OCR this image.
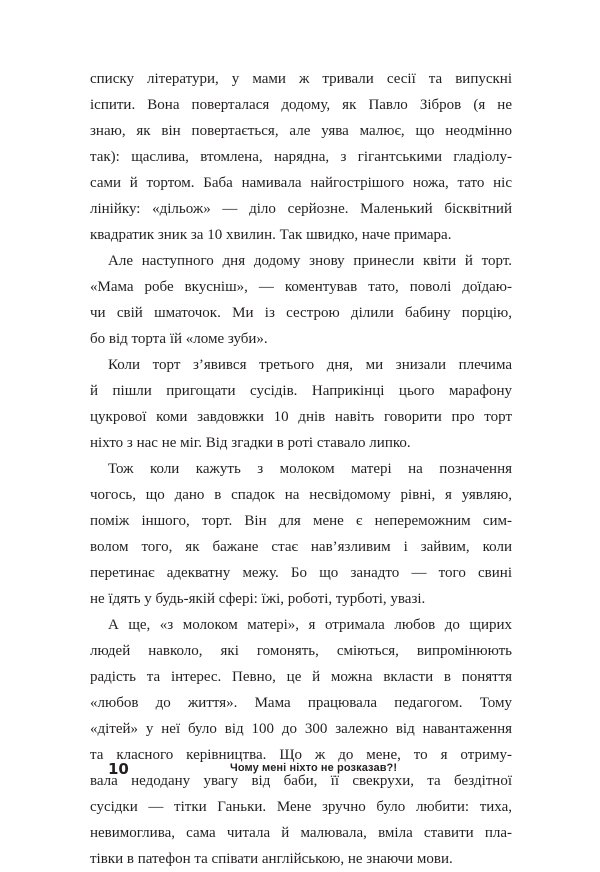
списку літератури, у мами ж тривали сесії та випускні
іспити. Вона поверталася додому, як Павло Зібров (я не
знаю, як він повертається, але уява малює, що неодмінно
так): щаслива, втомлена, нарядна, з гігантськими гладіолу-
сами й тортом. Баба намивала найгострішого ножа, тато ніс
лінійку: «дільож» — діло серйозне. Маленький бісквітний
квадратик зник за 10 хвилин. Так швидко, наче примара.
Але наступного дня додому знову принесли квіти й торт.
«Мама робе вкусніш», — коментував тато, поволі доїдаю-
чи свій шматочок. Ми із сестрою ділили бабину порцію,
бо від торта їй «ломе зуби».
Коли торт з’явився третього дня, ми знизали плечима
й пішли пригощати сусідів. Наприкінці цього марафону
цукрової коми завдовжки 10 днів навіть говорити про торт
ніхто з нас не міг. Від згадки в роті ставало липко.
Тож коли кажуть з молоком матері на позначення
чогось, що дано в спадок на несвідомому рівні, я уявляю,
поміж іншого, торт. Він для мене є непереможним сим-
волом того, як бажане стає нав’язливим і зайвим, коли
перетинає адекватну межу. Бо що занадто — того свині
не їдять у будь-якій сфері: їжі, роботі, турботі, увазі.
А ще, «з молоком матері», я отримала любов до щирих
людей навколо, які гомонять, сміються, випромінюють
радість та інтерес. Певно, це й можна вкласти в поняття
«любов до життя». Мама працювала педагогом. Тому
«дітей» у неї було від 100 до 300 залежно від навантаження
та класного керівництва. Що ж до мене, то я отриму-
вала недодану увагу від баби, її свекрухи, та бездітної
сусідки — тітки Ганьки. Мене зручно було любити: тиха,
невимоглива, сама читала й малювала, вміла ставити пла-
тівки в патефон та співати англійською, не знаючи мови.
10	Чому мені ніхто не розказав?!
